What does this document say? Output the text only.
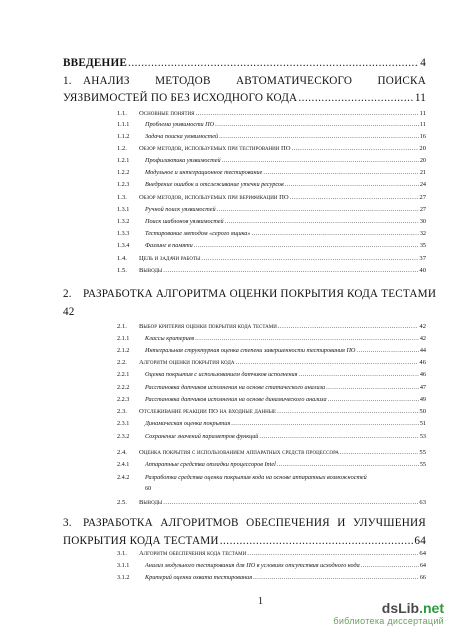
ВВЕДЕНИЕ .....	4
1.	АНАЛИЗ МЕТОДОВ АВТОМАТИЧЕСКОГО ПОИСКА
УЯЗВИМОСТЕЙ ПО БЕЗ ИСХОДНОГО КОДА .....	11
1.1.	Основные понятия .....	11
1.1.1	Проблема уязвимости ПО .....	11
1.1.2	Задача поиска уязвимостей .....	16
1.2.	Обзор методов, используемых при тестировании ПО .....	20
1.2.1	Профилактика уязвимостей .....	20
1.2.2	Модульное и интеграционное тестирование .....	21
1.2.3	Внедрение ошибок и отслеживание утечки ресурсов .....	24
1.3.	Обзор методов, используемых при верификации ПО .....	27
1.3.1	Ручной поиск уязвимостей .....	27
1.3.2	Поиск шаблонов уязвимостей .....	30
1.3.3	Тестирование методом «серого ящика» .....	32
1.3.4	Фаззинг в памяти .....	35
1.4.	Цель и задачи работы .....	37
1.5.	Выводы .....	40
2.	РАЗРАБОТКА АЛГОРИТМА ОЦЕНКИ ПОКРЫТИЯ КОДА ТЕСТАМИ
42
2.1.	Выбор критерия оценки покрытия кода тестами .....	42
2.1.1	Классы критериев .....	42
2.1.2	Интегральная структурная оценка степени завершенности тестирования ПО .....	44
2.2.	Алгоритм оценки покрытия кода .....	46
2.2.1	Оценка покрытия с использованием датчиков исполнения .....	46
2.2.2	Расстановка датчиков исполнения на основе статического анализа .....	47
2.2.3	Расстановка датчиков исполнения на основе динамического анализа .....	49
2.3.	Отслеживание реакции ПО на входные данные .....	50
2.3.1	Динамическая оценка покрытия .....	51
2.3.2	Сохранение значений параметров функций .....	53
2.4.	Оценка покрытия с использованием аппаратных средств процессора .....	55
2.4.1	Аппаратные средства отладки процессоров Intel .....	55
2.4.2	Разработка средства оценки покрытия кода на основе аппаратных возможностей
60
2.5.	Выводы .....	63
3.	РАЗРАБОТКА АЛГОРИТМОВ ОБЕСПЕЧЕНИЯ И УЛУЧШЕНИЯ
ПОКРЫТИЯ КОДА ТЕСТАМИ .....	64
3.1.	Алгоритм обеспечения кода тестами .....	64
3.1.1	Анализ модульного тестирования для ПО в условиях отсутствия исходного кода .....	64
3.1.2	Критерий оценки охвата тестирования .....	66
1	dsLib.net
библиотека диссертаций
